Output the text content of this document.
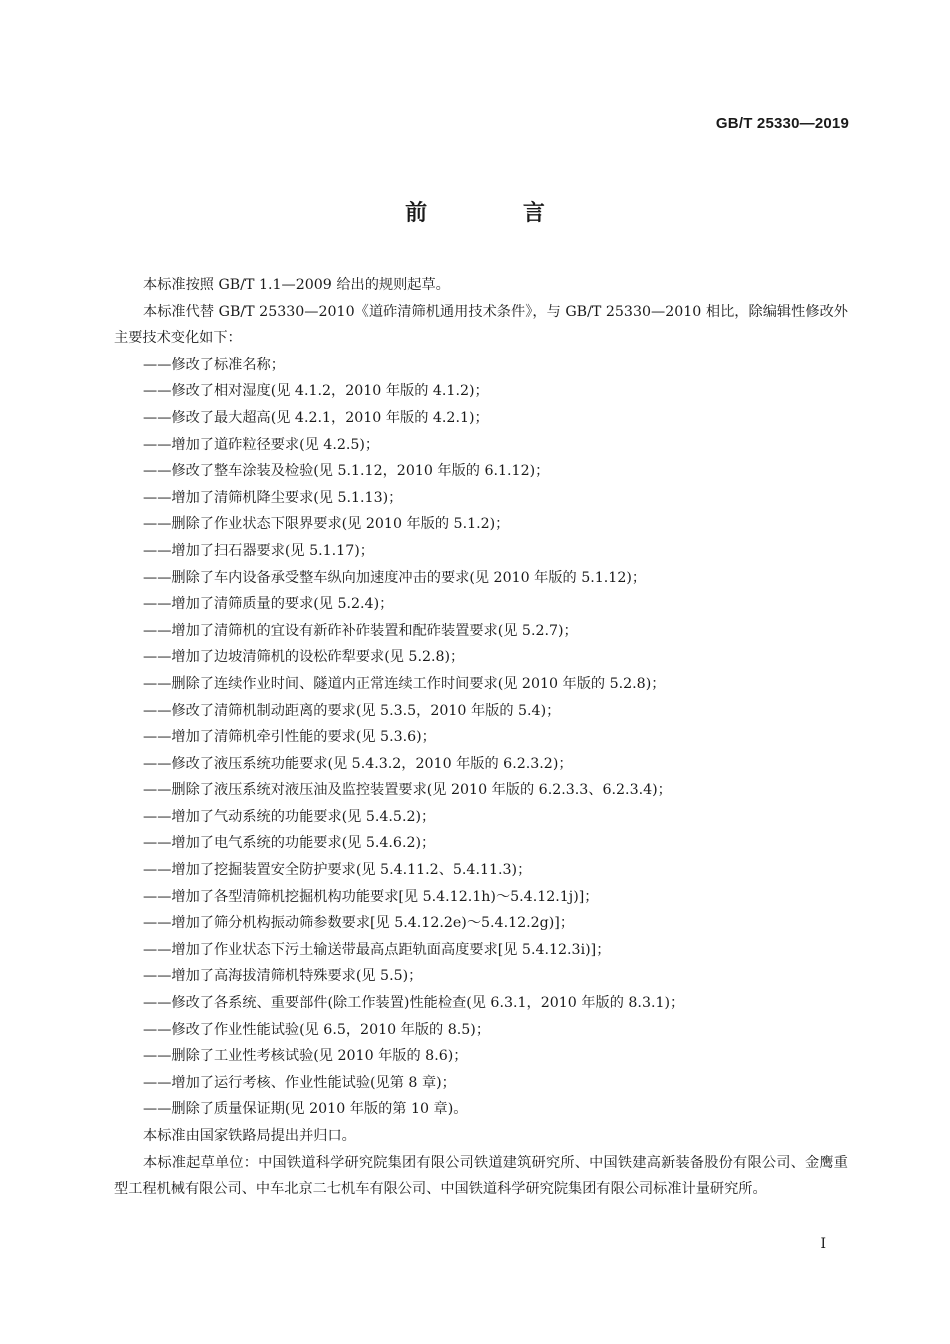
GB/T 25330—2019
前 言

本标准按照 GB/T 1.1—2009 给出的规则起草。

本标准代替 GB/T 25330—2010《道砟清筛机通用技术条件》，与 GB/T 25330—2010 相比，除编辑性修改外主要技术变化如下：

——修改了标准名称；

——修改了相对湿度(见 4.1.2，2010 年版的 4.1.2)；

——修改了最大超高(见 4.2.1，2010 年版的 4.2.1)；

——增加了道砟粒径要求(见 4.2.5)；

——修改了整车涂装及检验(见 5.1.12，2010 年版的 6.1.12)；

——增加了清筛机降尘要求(见 5.1.13)；

——删除了作业状态下限界要求(见 2010 年版的 5.1.2)；

——增加了扫石器要求(见 5.1.17)；

——删除了车内设备承受整车纵向加速度冲击的要求(见 2010 年版的 5.1.12)；

——增加了清筛质量的要求(见 5.2.4)；

——增加了清筛机的宜设有新砟补砟装置和配砟装置要求(见 5.2.7)；

——增加了边坡清筛机的设松砟犁要求(见 5.2.8)；

——删除了连续作业时间、隧道内正常连续工作时间要求(见 2010 年版的 5.2.8)；

——修改了清筛机制动距离的要求(见 5.3.5，2010 年版的 5.4)；

——增加了清筛机牵引性能的要求(见 5.3.6)；

——修改了液压系统功能要求(见 5.4.3.2，2010 年版的 6.2.3.2)；

——删除了液压系统对液压油及监控装置要求(见 2010 年版的 6.2.3.3、6.2.3.4)；

——增加了气动系统的功能要求(见 5.4.5.2)；

——增加了电气系统的功能要求(见 5.4.6.2)；

——增加了挖掘装置安全防护要求(见 5.4.11.2、5.4.11.3)；

——增加了各型清筛机挖掘机构功能要求[见 5.4.12.1h)～5.4.12.1j)]；

——增加了筛分机构振动筛参数要求[见 5.4.12.2e)～5.4.12.2g)]；

——增加了作业状态下污土输送带最高点距轨面高度要求[见 5.4.12.3i)]；

——增加了高海拔清筛机特殊要求(见 5.5)；

——修改了各系统、重要部件(除工作装置)性能检查(见 6.3.1，2010 年版的 8.3.1)；

——修改了作业性能试验(见 6.5，2010 年版的 8.5)；

——删除了工业性考核试验(见 2010 年版的 8.6)；

——增加了运行考核、作业性能试验(见第 8 章)；

——删除了质量保证期(见 2010 年版的第 10 章)。

本标准由国家铁路局提出并归口。

本标准起草单位：中国铁道科学研究院集团有限公司铁道建筑研究所、中国铁建高新装备股份有限公司、金鹰重型工程机械有限公司、中车北京二七机车有限公司、中国铁道科学研究院集团有限公司标准计量研究所。

I
